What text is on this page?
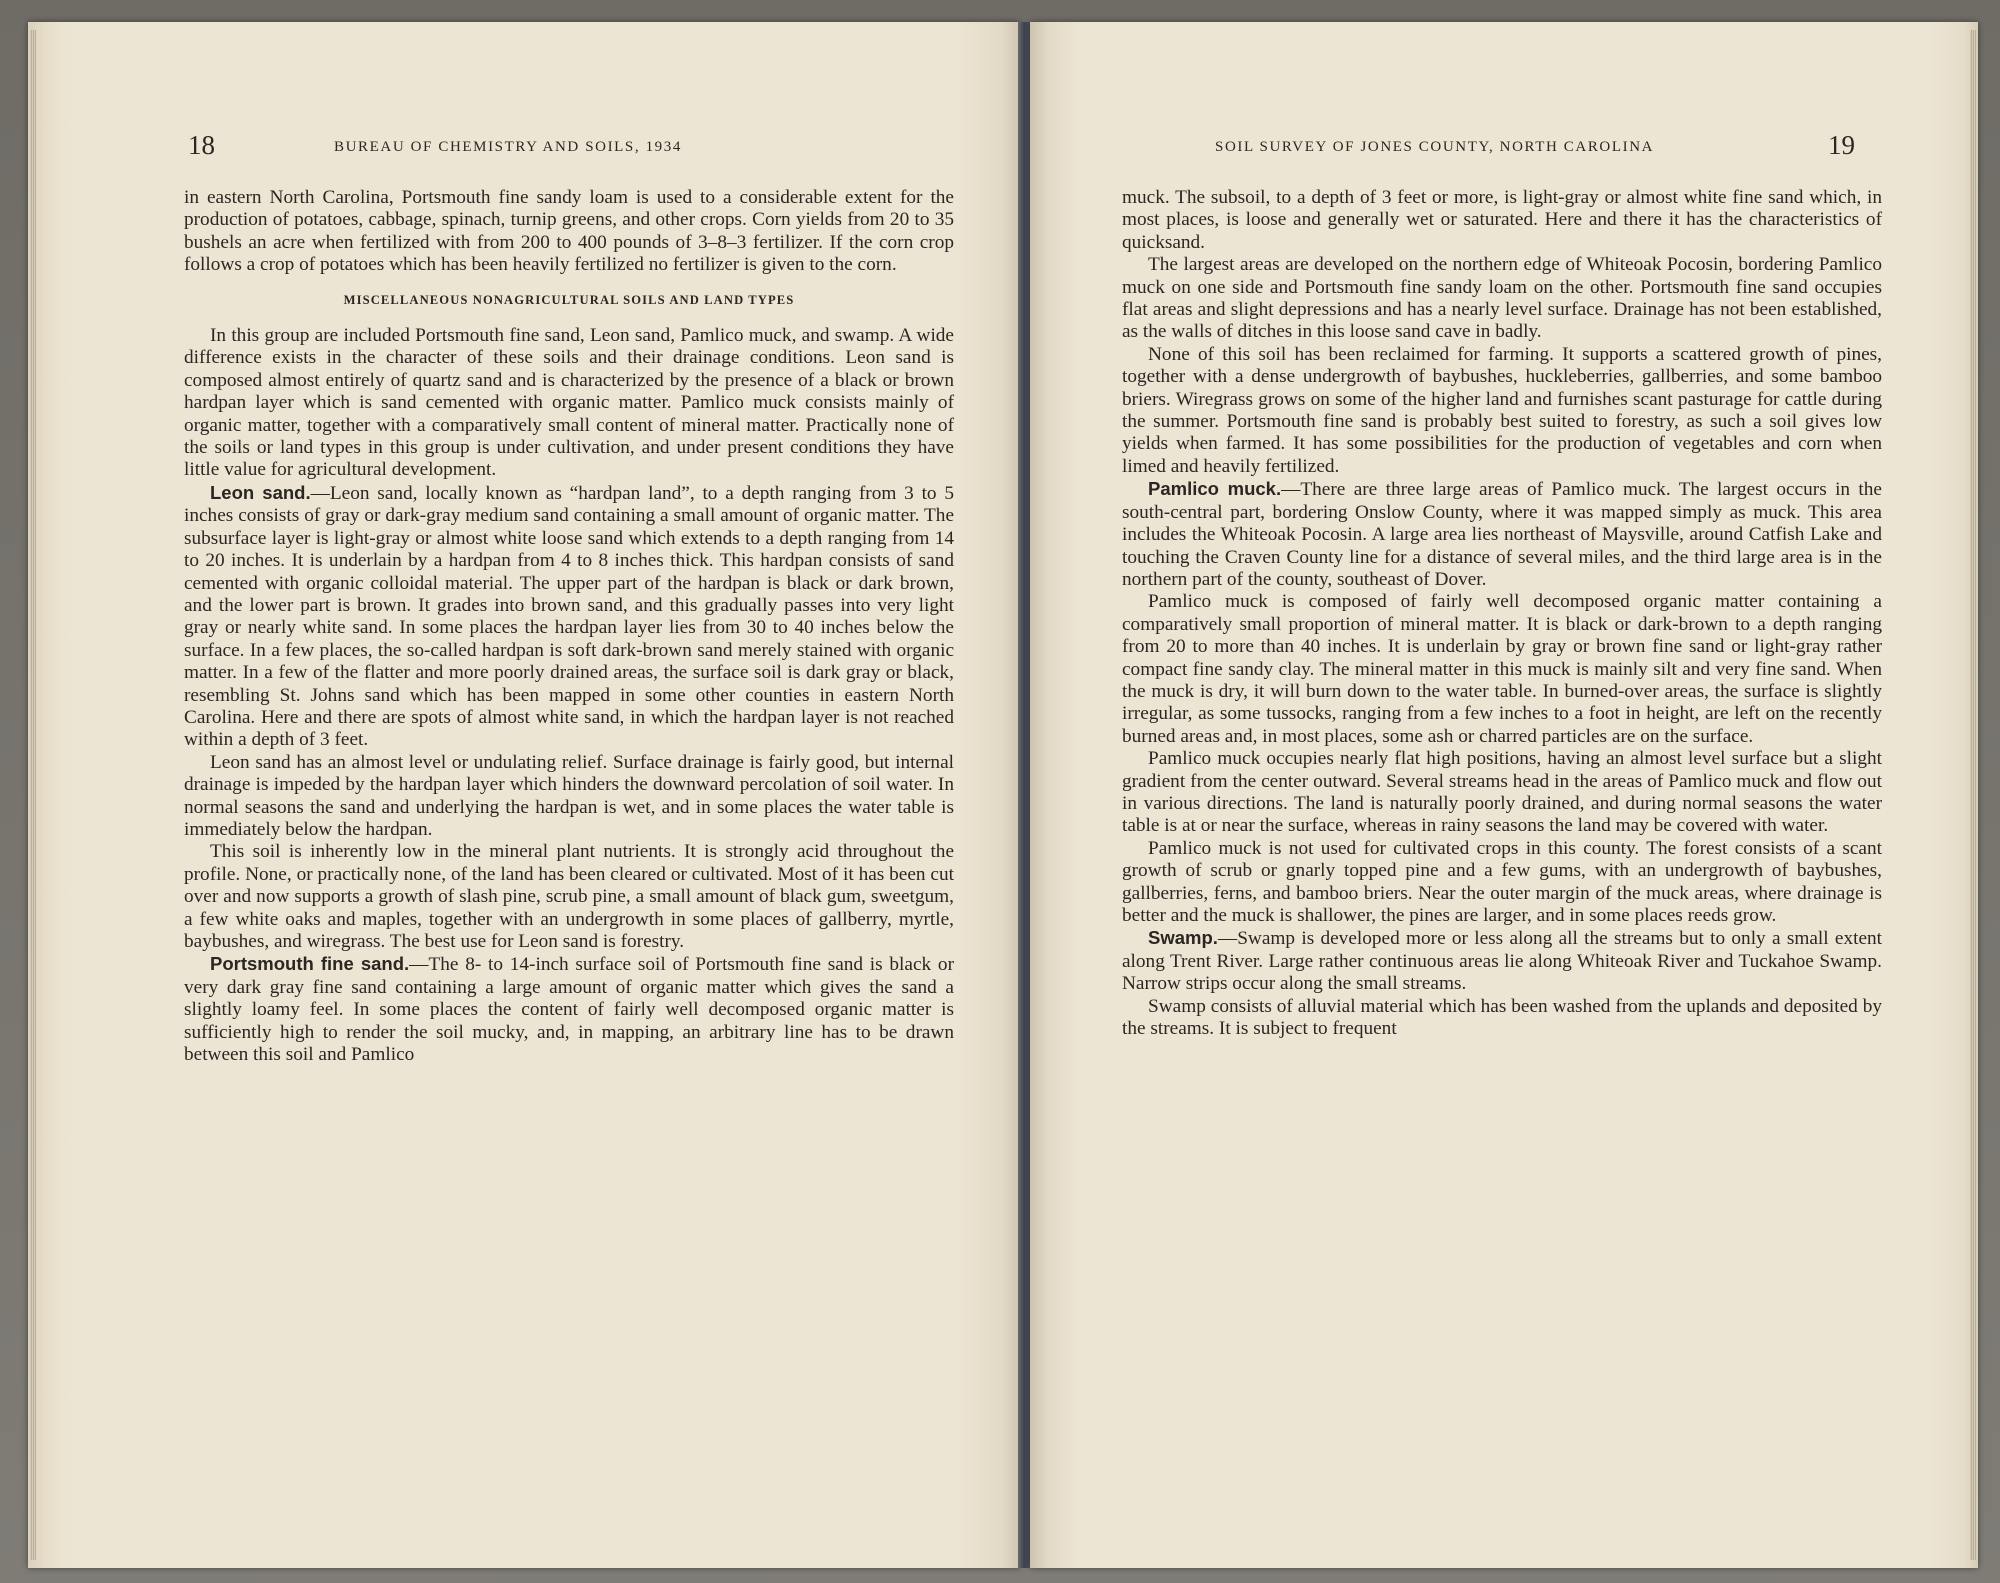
18	BUREAU OF CHEMISTRY AND SOILS, 1934

in eastern North Carolina, Portsmouth fine sandy loam is used to a considerable extent for the production of potatoes, cabbage, spinach, turnip greens, and other crops. Corn yields from 20 to 35 bushels an acre when fertilized with from 200 to 400 pounds of 3–8–3 fertilizer. If the corn crop follows a crop of potatoes which has been heavily fertilized no fertilizer is given to the corn.

MISCELLANEOUS NONAGRICULTURAL SOILS AND LAND TYPES

In this group are included Portsmouth fine sand, Leon sand, Pamlico muck, and swamp. A wide difference exists in the character of these soils and their drainage conditions. Leon sand is composed almost entirely of quartz sand and is characterized by the presence of a black or brown hardpan layer which is sand cemented with organic matter. Pamlico muck consists mainly of organic matter, together with a comparatively small content of mineral matter. Practically none of the soils or land types in this group is under cultivation, and under present conditions they have little value for agricultural development.

Leon sand.—Leon sand, locally known as “hardpan land”, to a depth ranging from 3 to 5 inches consists of gray or dark-gray medium sand containing a small amount of organic matter. The subsurface layer is light-gray or almost white loose sand which extends to a depth ranging from 14 to 20 inches. It is underlain by a hardpan from 4 to 8 inches thick. This hardpan consists of sand cemented with organic colloidal material. The upper part of the hardpan is black or dark brown, and the lower part is brown. It grades into brown sand, and this gradually passes into very light gray or nearly white sand. In some places the hardpan layer lies from 30 to 40 inches below the surface. In a few places, the so-called hardpan is soft dark-brown sand merely stained with organic matter. In a few of the flatter and more poorly drained areas, the surface soil is dark gray or black, resembling St. Johns sand which has been mapped in some other counties in eastern North Carolina. Here and there are spots of almost white sand, in which the hardpan layer is not reached within a depth of 3 feet.

Leon sand has an almost level or undulating relief. Surface drainage is fairly good, but internal drainage is impeded by the hardpan layer which hinders the downward percolation of soil water. In normal seasons the sand and underlying the hardpan is wet, and in some places the water table is immediately below the hardpan.

This soil is inherently low in the mineral plant nutrients. It is strongly acid throughout the profile. None, or practically none, of the land has been cleared or cultivated. Most of it has been cut over and now supports a growth of slash pine, scrub pine, a small amount of black gum, sweetgum, a few white oaks and maples, together with an undergrowth in some places of gallberry, myrtle, baybushes, and wiregrass. The best use for Leon sand is forestry.

Portsmouth fine sand.—The 8- to 14-inch surface soil of Portsmouth fine sand is black or very dark gray fine sand containing a large amount of organic matter which gives the sand a slightly loamy feel. In some places the content of fairly well decomposed organic matter is sufficiently high to render the soil mucky, and, in mapping, an arbitrary line has to be drawn between this soil and Pamlico

SOIL SURVEY OF JONES COUNTY, NORTH CAROLINA	19

muck. The subsoil, to a depth of 3 feet or more, is light-gray or almost white fine sand which, in most places, is loose and generally wet or saturated. Here and there it has the characteristics of quicksand.

The largest areas are developed on the northern edge of Whiteoak Pocosin, bordering Pamlico muck on one side and Portsmouth fine sandy loam on the other. Portsmouth fine sand occupies flat areas and slight depressions and has a nearly level surface. Drainage has not been established, as the walls of ditches in this loose sand cave in badly.

None of this soil has been reclaimed for farming. It supports a scattered growth of pines, together with a dense undergrowth of baybushes, huckleberries, gallberries, and some bamboo briers. Wiregrass grows on some of the higher land and furnishes scant pasturage for cattle during the summer. Portsmouth fine sand is probably best suited to forestry, as such a soil gives low yields when farmed. It has some possibilities for the production of vegetables and corn when limed and heavily fertilized.

Pamlico muck.—There are three large areas of Pamlico muck. The largest occurs in the south-central part, bordering Onslow County, where it was mapped simply as muck. This area includes the Whiteoak Pocosin. A large area lies northeast of Maysville, around Catfish Lake and touching the Craven County line for a distance of several miles, and the third large area is in the northern part of the county, southeast of Dover.

Pamlico muck is composed of fairly well decomposed organic matter containing a comparatively small proportion of mineral matter. It is black or dark-brown to a depth ranging from 20 to more than 40 inches. It is underlain by gray or brown fine sand or light-gray rather compact fine sandy clay. The mineral matter in this muck is mainly silt and very fine sand. When the muck is dry, it will burn down to the water table. In burned-over areas, the surface is slightly irregular, as some tussocks, ranging from a few inches to a foot in height, are left on the recently burned areas and, in most places, some ash or charred particles are on the surface.

Pamlico muck occupies nearly flat high positions, having an almost level surface but a slight gradient from the center outward. Several streams head in the areas of Pamlico muck and flow out in various directions. The land is naturally poorly drained, and during normal seasons the water table is at or near the surface, whereas in rainy seasons the land may be covered with water.

Pamlico muck is not used for cultivated crops in this county. The forest consists of a scant growth of scrub or gnarly topped pine and a few gums, with an undergrowth of baybushes, gallberries, ferns, and bamboo briers. Near the outer margin of the muck areas, where drainage is better and the muck is shallower, the pines are larger, and in some places reeds grow.

Swamp.—Swamp is developed more or less along all the streams but to only a small extent along Trent River. Large rather continuous areas lie along Whiteoak River and Tuckahoe Swamp. Narrow strips occur along the small streams.

Swamp consists of alluvial material which has been washed from the uplands and deposited by the streams. It is subject to frequent
